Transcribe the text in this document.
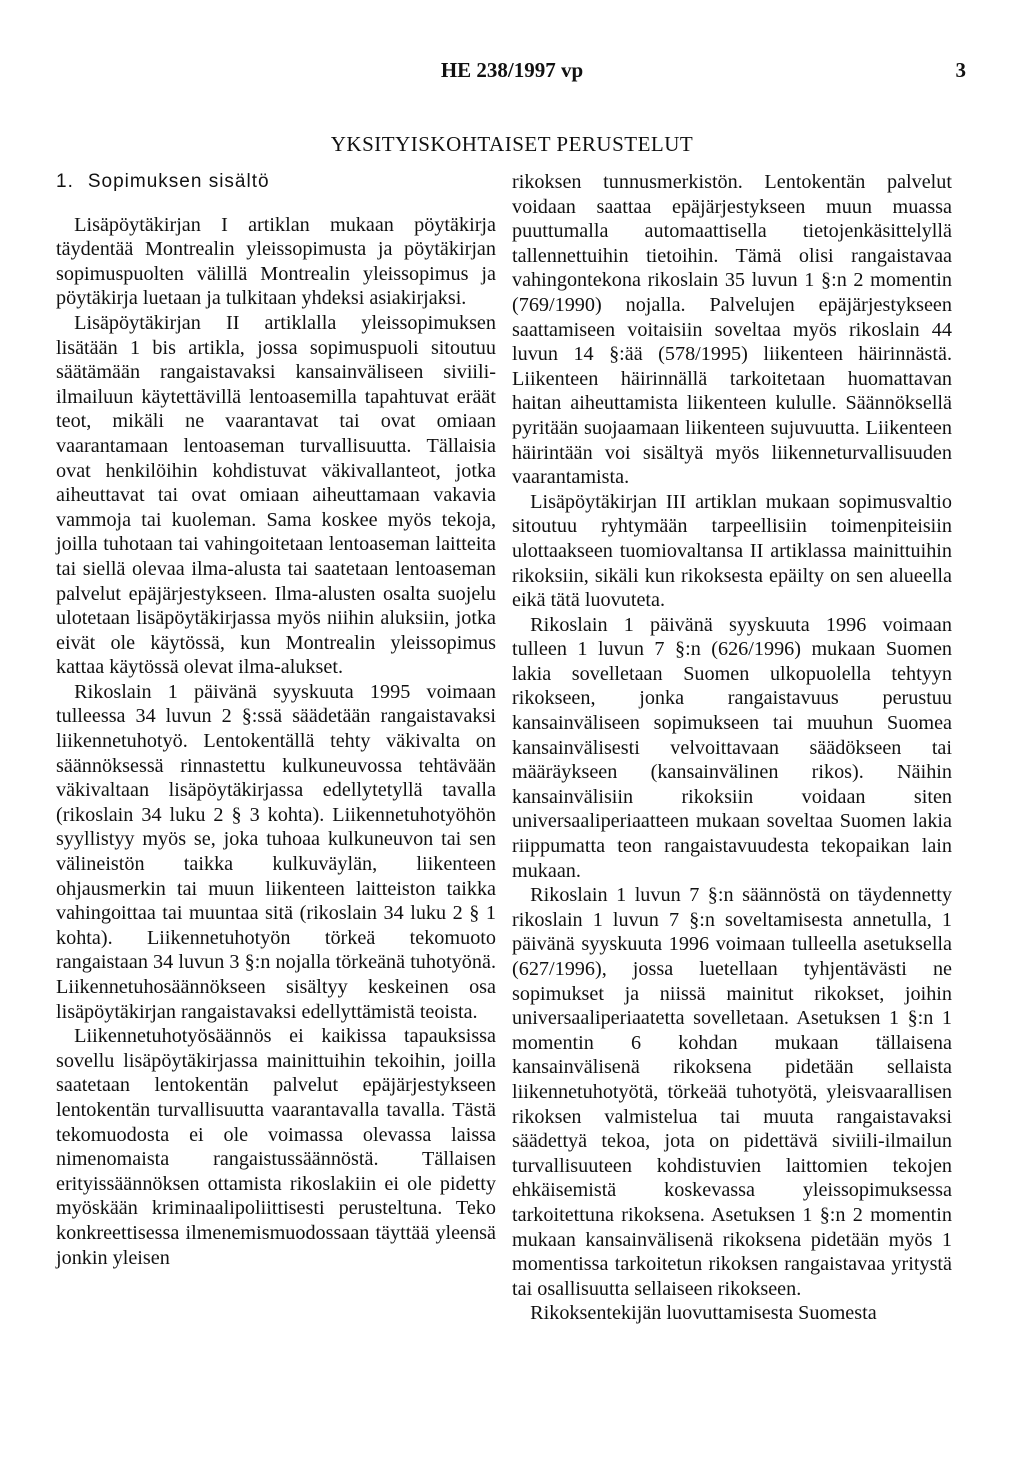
HE 238/1997 vp	3
YKSITYISKOHTAISET PERUSTELUT
1. Sopimuksen sisältö

Lisäpöytäkirjan I artiklan mukaan pöytäkirja täydentää Montrealin yleissopimusta ja pöytäkirjan sopimuspuolten välillä Montrealin yleissopimus ja pöytäkirja luetaan ja tulkitaan yhdeksi asiakirjaksi.

Lisäpöytäkirjan II artiklalla yleissopimuksen lisätään 1 bis artikla, jossa sopimuspuoli sitoutuu säätämään rangaistavaksi kansainväliseen siviili-ilmailuun käytettävillä lentoasemilla tapahtuvat eräät teot, mikäli ne vaarantavat tai ovat omiaan vaarantamaan lentoaseman turvallisuutta. Tällaisia ovat henkilöihin kohdistuvat väkivallanteot, jotka aiheuttavat tai ovat omiaan aiheuttamaan vakavia vammoja tai kuoleman. Sama koskee myös tekoja, joilla tuhotaan tai vahingoitetaan lentoaseman laitteita tai siellä olevaa ilma-alusta tai saatetaan lentoaseman palvelut epäjärjestykseen. Ilma-alusten osalta suojelu ulotetaan lisäpöytäkirjassa myös niihin aluksiin, jotka eivät ole käytössä, kun Montrealin yleissopimus kattaa käytössä olevat ilma-alukset.

Rikoslain 1 päivänä syyskuuta 1995 voimaan tulleessa 34 luvun 2 §:ssä säädetään rangaistavaksi liikennetuhotyö. Lentokentällä tehty väkivalta on säännöksessä rinnastettu kulkuneuvossa tehtävään väkivaltaan lisäpöytäkirjassa edellytetyllä tavalla (rikoslain 34 luku 2 § 3 kohta). Liikennetuhotyöhön syyllistyy myös se, joka tuhoaa kulkuneuvon tai sen välineistön taikka kulkuväylän, liikenteen ohjausmerkin tai muun liikenteen laitteiston taikka vahingoittaa tai muuntaa sitä (rikoslain 34 luku 2 § 1 kohta). Liikennetuhotyön törkeä tekomuoto rangaistaan 34 luvun 3 §:n nojalla törkeänä tuhotyönä. Liikennetuhosäännökseen sisältyy keskeinen osa lisäpöytäkirjan rangaistavaksi edellyttämistä teoista.

Liikennetuhotyösäännös ei kaikissa tapauksissa sovellu lisäpöytäkirjassa mainittuihin tekoihin, joilla saatetaan lentokentän palvelut epäjärjestykseen lentokentän turvallisuutta vaarantavalla tavalla. Tästä tekomuodosta ei ole voimassa olevassa laissa nimenomaista rangaistussäännöstä. Tällaisen erityissäännöksen ottamista rikoslakiin ei ole pidetty myöskään kriminaalipoliittisesti perusteltuna. Teko konkreettisessa ilmenemismuodossaan täyttää yleensä jonkin yleisen

rikoksen tunnusmerkistön. Lentokentän palvelut voidaan saattaa epäjärjestykseen muun muassa puuttumalla automaattisella tietojenkäsittelyllä tallennettuihin tietoihin. Tämä olisi rangaistavaa vahingontekona rikoslain 35 luvun 1 §:n 2 momentin (769/1990) nojalla. Palvelujen epäjärjestykseen saattamiseen voitaisiin soveltaa myös rikoslain 44 luvun 14 §:ää (578/1995) liikenteen häirinnästä. Liikenteen häirinnällä tarkoitetaan huomattavan haitan aiheuttamista liikenteen kululle. Säännöksellä pyritään suojaamaan liikenteen sujuvuutta. Liikenteen häirintään voi sisältyä myös liikenneturvallisuuden vaarantamista.

Lisäpöytäkirjan III artiklan mukaan sopimusvaltio sitoutuu ryhtymään tarpeellisiin toimenpiteisiin ulottaakseen tuomiovaltansa II artiklassa mainittuihin rikoksiin, sikäli kun rikoksesta epäilty on sen alueella eikä tätä luovuteta.

Rikoslain 1 päivänä syyskuuta 1996 voimaan tulleen 1 luvun 7 §:n (626/1996) mukaan Suomen lakia sovelletaan Suomen ulkopuolella tehtyyn rikokseen, jonka rangaistavuus perustuu kansainväliseen sopimukseen tai muuhun Suomea kansainvälisesti velvoittavaan säädökseen tai määräykseen (kansainvälinen rikos). Näihin kansainvälisiin rikoksiin voidaan siten universaaliperiaatteen mukaan soveltaa Suomen lakia riippumatta teon rangaistavuudesta tekopaikan lain mukaan.

Rikoslain 1 luvun 7 §:n säännöstä on täydennetty rikoslain 1 luvun 7 §:n soveltamisesta annetulla, 1 päivänä syyskuuta 1996 voimaan tulleella asetuksella (627/1996), jossa luetellaan tyhjentävästi ne sopimukset ja niissä mainitut rikokset, joihin universaaliperiaatetta sovelletaan. Asetuksen 1 §:n 1 momentin 6 kohdan mukaan tällaisena kansainvälisenä rikoksena pidetään sellaista liikennetuhotyötä, törkeää tuhotyötä, yleisvaarallisen rikoksen valmistelua tai muuta rangaistavaksi säädettyä tekoa, jota on pidettävä siviili-ilmailun turvallisuuteen kohdistuvien laittomien tekojen ehkäisemistä koskevassa yleissopimuksessa tarkoitettuna rikoksena. Asetuksen 1 §:n 2 momentin mukaan kansainvälisenä rikoksena pidetään myös 1 momentissa tarkoitetun rikoksen rangaistavaa yritystä tai osallisuutta sellaiseen rikokseen.

Rikoksentekijän luovuttamisesta Suomesta
